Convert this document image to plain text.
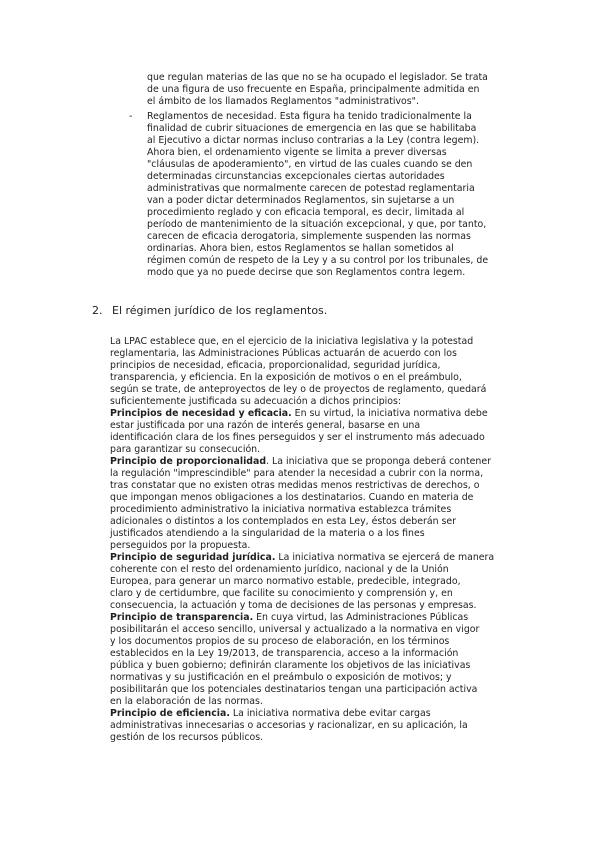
que regulan materias de las que no se ha ocupado el legislador. Se trata
de una figura de uso frecuente en España, principalmente admitida en
el ámbito de los llamados Reglamentos "administrativos".
- Reglamentos de necesidad. Esta figura ha tenido tradicionalmente la
finalidad de cubrir situaciones de emergencia en las que se habilitaba
al Ejecutivo a dictar normas incluso contrarias a la Ley (contra legem).
Ahora bien, el ordenamiento vigente se limita a prever diversas
"cláusulas de apoderamiento", en virtud de las cuales cuando se den
determinadas circunstancias excepcionales ciertas autoridades
administrativas que normalmente carecen de potestad reglamentaria
van a poder dictar determinados Reglamentos, sin sujetarse a un
procedimiento reglado y con eficacia temporal, es decir, limitada al
período de mantenimiento de la situación excepcional, y que, por tanto,
carecen de eficacia derogatoria, simplemente suspenden las normas
ordinarias. Ahora bien, estos Reglamentos se hallan sometidos al
régimen común de respeto de la Ley y a su control por los tribunales, de
modo que ya no puede decirse que son Reglamentos contra legem.
2. El régimen jurídico de los reglamentos.
La LPAC establece que, en el ejercicio de la iniciativa legislativa y la potestad
reglamentaria, las Administraciones Públicas actuarán de acuerdo con los
principios de necesidad, eficacia, proporcionalidad, seguridad jurídica,
transparencia, y eficiencia. En la exposición de motivos o en el preámbulo,
según se trate, de anteproyectos de ley o de proyectos de reglamento, quedará
suficientemente justificada su adecuación a dichos principios:
Principios de necesidad y eficacia. En su virtud, la iniciativa normativa debe
estar justificada por una razón de interés general, basarse en una
identificación clara de los fines perseguidos y ser el instrumento más adecuado
para garantizar su consecución.
Principio de proporcionalidad. La iniciativa que se proponga deberá contener
la regulación "imprescindible" para atender la necesidad a cubrir con la norma,
tras constatar que no existen otras medidas menos restrictivas de derechos, o
que impongan menos obligaciones a los destinatarios. Cuando en materia de
procedimiento administrativo la iniciativa normativa establezca trámites
adicionales o distintos a los contemplados en esta Ley, éstos deberán ser
justificados atendiendo a la singularidad de la materia o a los fines
perseguidos por la propuesta.
Principio de seguridad jurídica. La iniciativa normativa se ejercerá de manera
coherente con el resto del ordenamiento jurídico, nacional y de la Unión
Europea, para generar un marco normativo estable, predecible, integrado,
claro y de certidumbre, que facilite su conocimiento y comprensión y, en
consecuencia, la actuación y toma de decisiones de las personas y empresas.
Principio de transparencia. En cuya virtud, las Administraciones Públicas
posibilitarán el acceso sencillo, universal y actualizado a la normativa en vigor
y los documentos propios de su proceso de elaboración, en los términos
establecidos en la Ley 19/2013, de transparencia, acceso a la información
pública y buen gobierno; definirán claramente los objetivos de las iniciativas
normativas y su justificación en el preámbulo o exposición de motivos; y
posibilitarán que los potenciales destinatarios tengan una participación activa
en la elaboración de las normas.
Principio de eficiencia. La iniciativa normativa debe evitar cargas
administrativas innecesarias o accesorias y racionalizar, en su aplicación, la
gestión de los recursos públicos.
